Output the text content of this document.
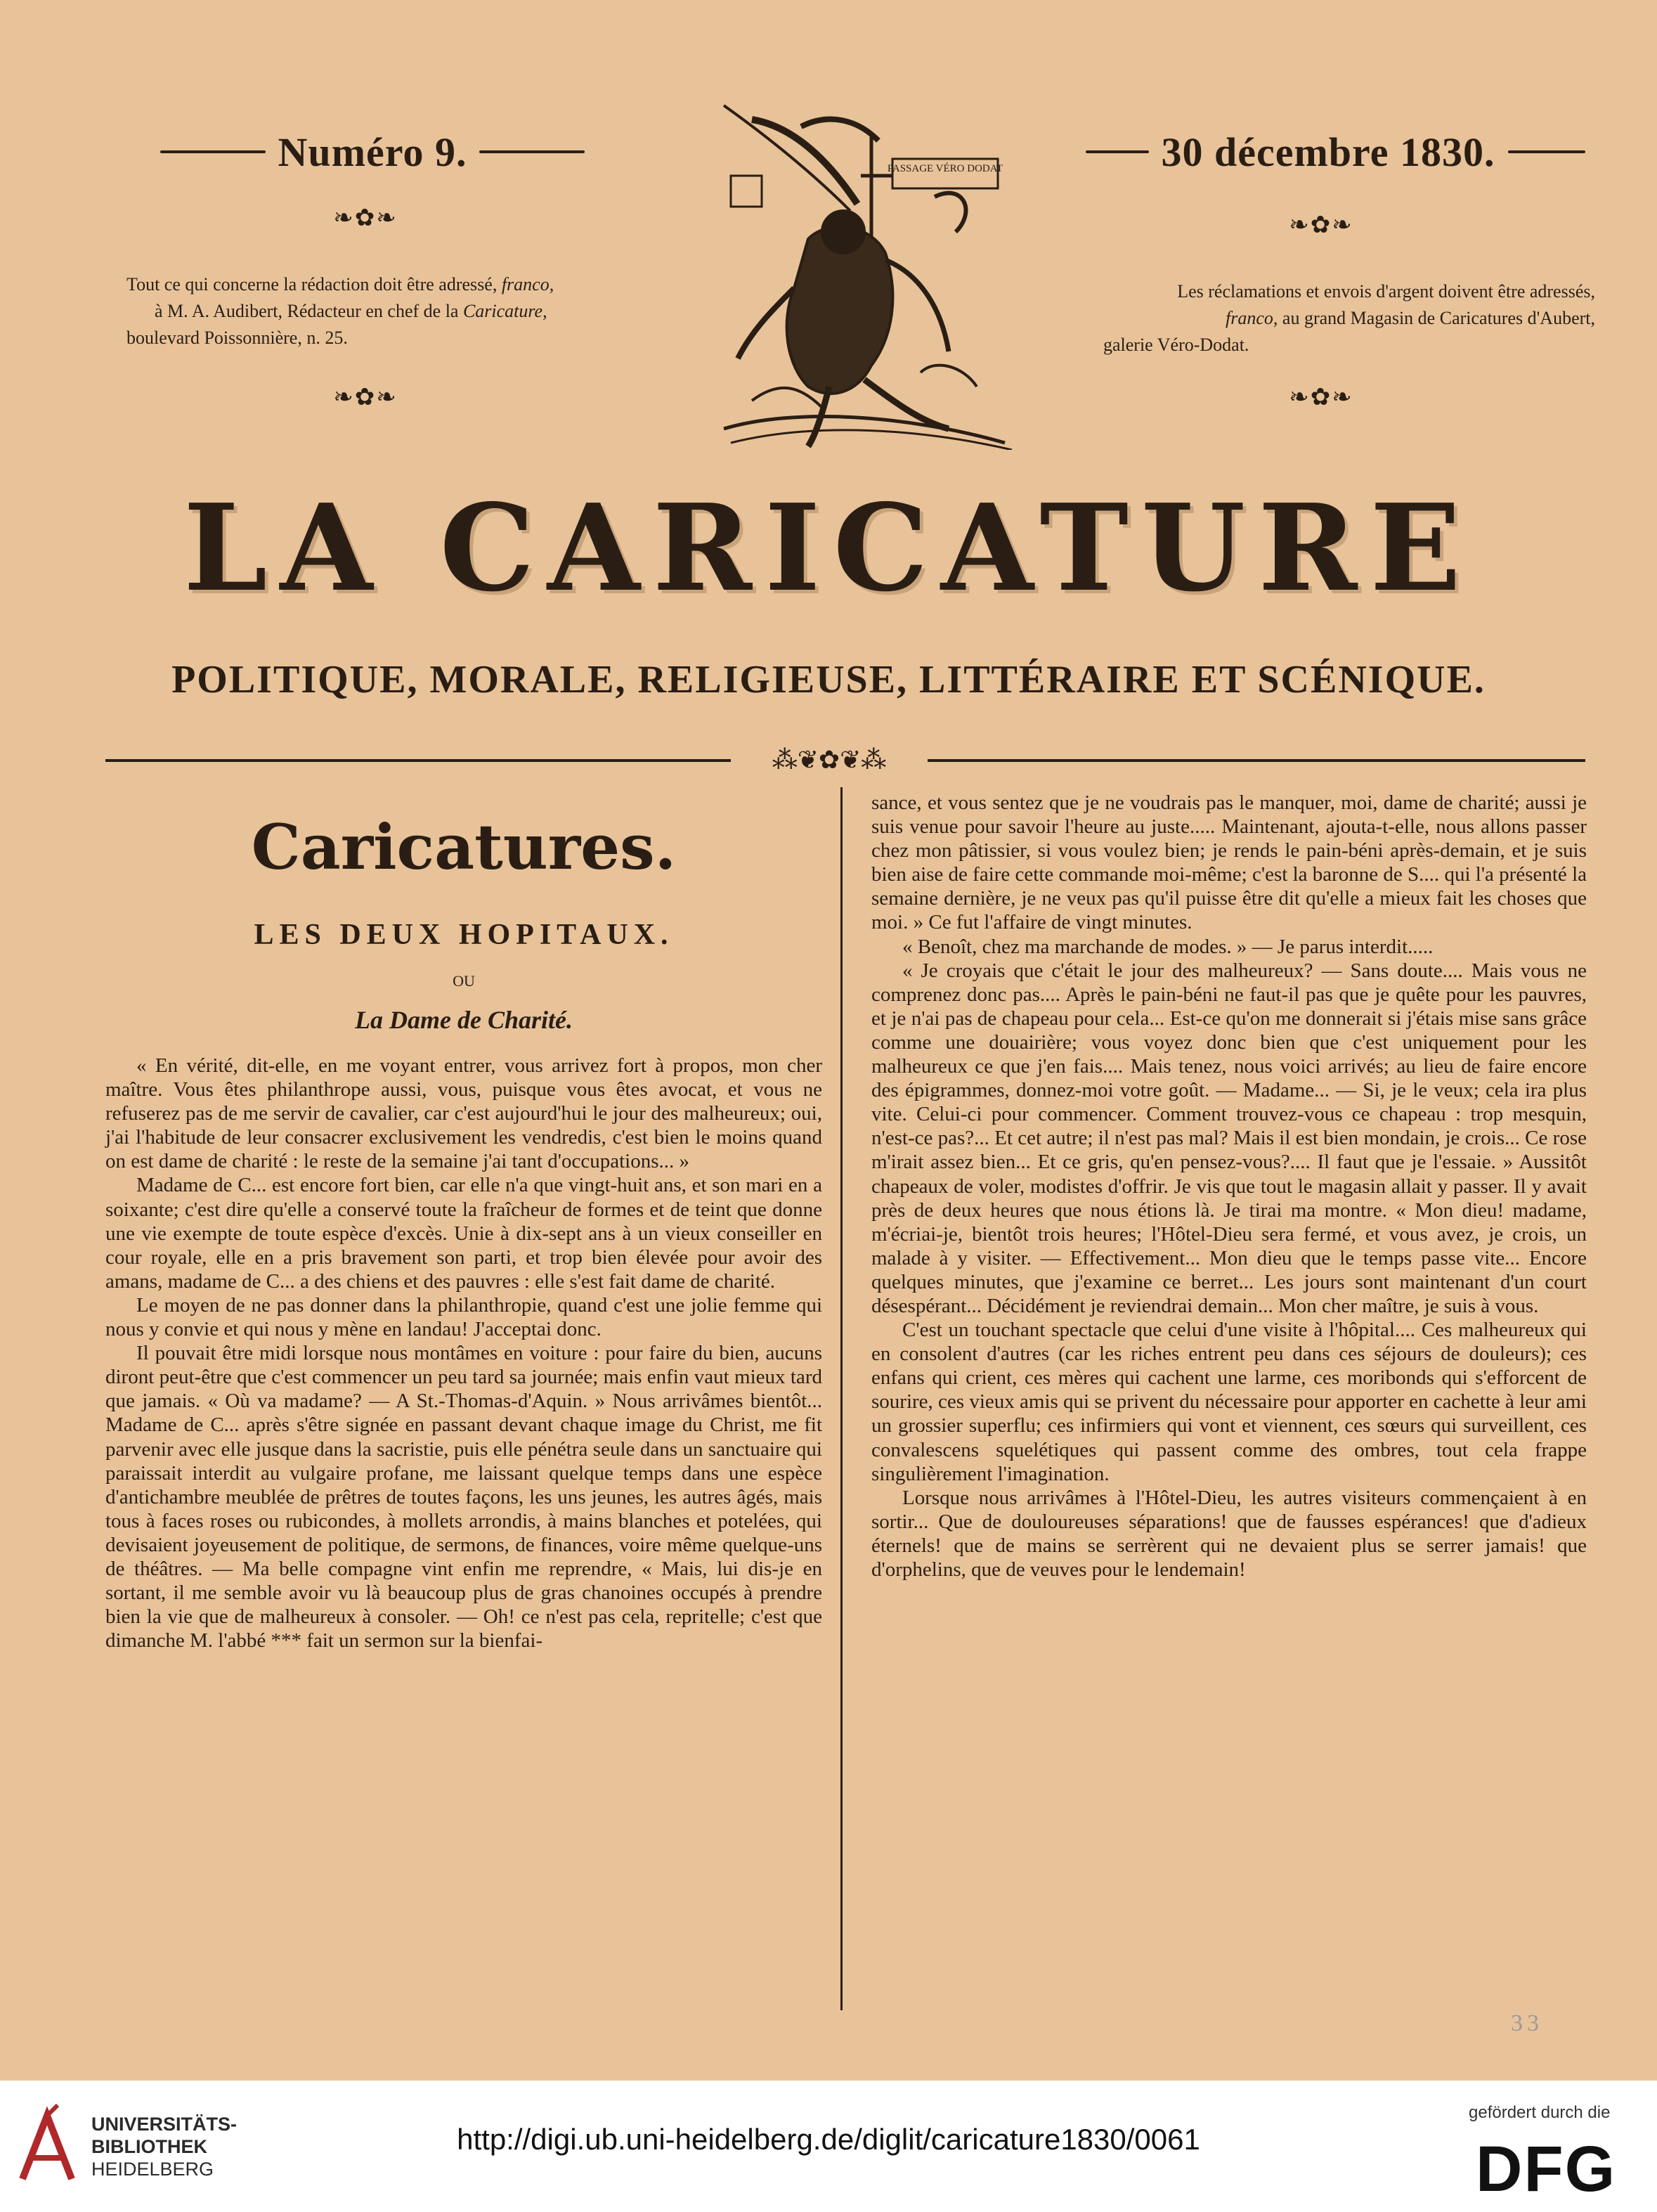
Numéro 9.	30 décembre 1830.
❧✿❧	❧✿❧
❧✿❧	❧✿❧
Tout ce qui concerne la rédaction doit être adressé, franco,
à M. A. Audibert, Rédacteur en chef de la Caricature,
boulevard Poissonnière, n. 25.
Les réclamations et envois d'argent doivent être adressés,
franco, au grand Magasin de Caricatures d'Aubert,
galerie Véro-Dodat.
PASSAGE VÉRO DODAT
LA CARICATURE
POLITIQUE, MORALE, RELIGIEUSE, LITTÉRAIRE ET SCÉNIQUE.
⁂❦✿❦⁂
Caricatures.
LES DEUX HOPITAUX.
OU
La Dame de Charité.

« En vérité, dit-elle, en me voyant entrer, vous arrivez fort à propos, mon cher maître. Vous êtes philanthrope aussi, vous, puisque vous êtes avocat, et vous ne refuserez pas de me servir de cavalier, car c'est aujourd'hui le jour des malheureux; oui, j'ai l'habitude de leur consacrer exclusivement les vendredis, c'est bien le moins quand on est dame de charité : le reste de la semaine j'ai tant d'occupations... »

Madame de C... est encore fort bien, car elle n'a que vingt-huit ans, et son mari en a soixante; c'est dire qu'elle a conservé toute la fraîcheur de formes et de teint que donne une vie exempte de toute espèce d'excès. Unie à dix-sept ans à un vieux conseiller en cour royale, elle en a pris bravement son parti, et trop bien élevée pour avoir des amans, madame de C... a des chiens et des pauvres : elle s'est fait dame de charité.

Le moyen de ne pas donner dans la philanthropie, quand c'est une jolie femme qui nous y convie et qui nous y mène en landau! J'acceptai donc.

Il pouvait être midi lorsque nous montâmes en voiture : pour faire du bien, aucuns diront peut-être que c'est commencer un peu tard sa journée; mais enfin vaut mieux tard que jamais. « Où va madame? — A St.-Thomas-d'Aquin. » Nous arrivâmes bientôt... Madame de C... après s'être signée en passant devant chaque image du Christ, me fit parvenir avec elle jusque dans la sacristie, puis elle pénétra seule dans un sanctuaire qui paraissait interdit au vulgaire profane, me laissant quelque temps dans une espèce d'antichambre meublée de prêtres de toutes façons, les uns jeunes, les autres âgés, mais tous à faces roses ou rubicondes, à mollets arrondis, à mains blanches et potelées, qui devisaient joyeusement de politique, de sermons, de finances, voire même quelque-uns de théâtres. — Ma belle compagne vint enfin me reprendre, « Mais, lui dis-je en sortant, il me semble avoir vu là beaucoup plus de gras chanoines occupés à prendre bien la vie que de malheureux à consoler. — Oh! ce n'est pas cela, repritelle; c'est que dimanche M. l'abbé *** fait un sermon sur la bienfai-

sance, et vous sentez que je ne voudrais pas le manquer, moi, dame de charité; aussi je suis venue pour savoir l'heure au juste..... Maintenant, ajouta-t-elle, nous allons passer chez mon pâtissier, si vous voulez bien; je rends le pain-béni après-demain, et je suis bien aise de faire cette commande moi-même; c'est la baronne de S.... qui l'a présenté la semaine dernière, je ne veux pas qu'il puisse être dit qu'elle a mieux fait les choses que moi. » Ce fut l'affaire de vingt minutes.

« Benoît, chez ma marchande de modes. » — Je parus interdit.....

« Je croyais que c'était le jour des malheureux? — Sans doute.... Mais vous ne comprenez donc pas.... Après le pain-béni ne faut-il pas que je quête pour les pauvres, et je n'ai pas de chapeau pour cela... Est-ce qu'on me donnerait si j'étais mise sans grâce comme une douairière; vous voyez donc bien que c'est uniquement pour les malheureux ce que j'en fais.... Mais tenez, nous voici arrivés; au lieu de faire encore des épigrammes, donnez-moi votre goût. — Madame... — Si, je le veux; cela ira plus vite. Celui-ci pour commencer. Comment trouvez-vous ce chapeau : trop mesquin, n'est-ce pas?... Et cet autre; il n'est pas mal? Mais il est bien mondain, je crois... Ce rose m'irait assez bien... Et ce gris, qu'en pensez-vous?.... Il faut que je l'essaie. » Aussitôt chapeaux de voler, modistes d'offrir. Je vis que tout le magasin allait y passer. Il y avait près de deux heures que nous étions là. Je tirai ma montre. « Mon dieu! madame, m'écriai-je, bientôt trois heures; l'Hôtel-Dieu sera fermé, et vous avez, je crois, un malade à y visiter. — Effectivement... Mon dieu que le temps passe vite... Encore quelques minutes, que j'examine ce berret... Les jours sont maintenant d'un court désespérant... Décidément je reviendrai demain... Mon cher maître, je suis à vous.

C'est un touchant spectacle que celui d'une visite à l'hôpital.... Ces malheureux qui en consolent d'autres (car les riches entrent peu dans ces séjours de douleurs); ces enfans qui crient, ces mères qui cachent une larme, ces moribonds qui s'efforcent de sourire, ces vieux amis qui se privent du nécessaire pour apporter en cachette à leur ami un grossier superflu; ces infirmiers qui vont et viennent, ces sœurs qui surveillent, ces convalescens squelétiques qui passent comme des ombres, tout cela frappe singulièrement l'imagination.

Lorsque nous arrivâmes à l'Hôtel-Dieu, les autres visiteurs commençaient à en sortir... Que de douloureuses séparations! que de fausses espérances! que d'adieux éternels! que de mains se serrèrent qui ne devaient plus se serrer jamais! que d'orphelins, que de veuves pour le lendemain!

33
UNIVERSITÄTS-
BIBLIOTHEK
HEIDELBERG
http://digi.ub.uni-heidelberg.de/diglit/caricature1830/0061
gefördert durch die
DFG
